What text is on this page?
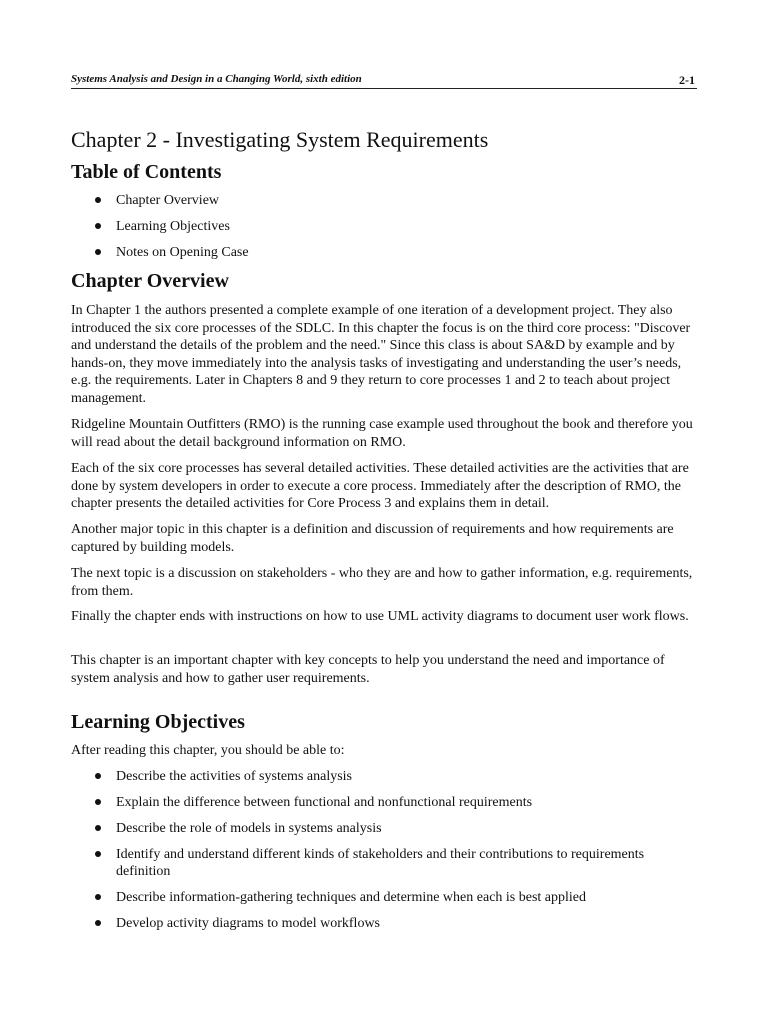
Systems Analysis and Design in a Changing World, sixth edition	2-1
Chapter 2 - Investigating System Requirements
Table of Contents
Chapter Overview
Learning Objectives
Notes on Opening Case
Chapter Overview

In Chapter 1 the authors presented a complete example of one iteration of a development project. They also introduced the six core processes of the SDLC. In this chapter the focus is on the third core process: "Discover and understand the details of the problem and the need." Since this class is about SA&D by example and by hands-on, they move immediately into the analysis tasks of investigating and understanding the user’s needs, e.g. the requirements. Later in Chapters 8 and 9 they return to core processes 1 and 2 to teach about project management.

Ridgeline Mountain Outfitters (RMO) is the running case example used throughout the book and therefore you will read about the detail background information on RMO.

Each of the six core processes has several detailed activities. These detailed activities are the activities that are done by system developers in order to execute a core process. Immediately after the description of RMO, the chapter presents the detailed activities for Core Process 3 and explains them in detail.

Another major topic in this chapter is a definition and discussion of requirements and how requirements are captured by building models.

The next topic is a discussion on stakeholders - who they are and how to gather information, e.g. requirements, from them.

Finally the chapter ends with instructions on how to use UML activity diagrams to document user work flows.

This chapter is an important chapter with key concepts to help you understand the need and importance of system analysis and how to gather user requirements.

Learning Objectives

After reading this chapter, you should be able to:

Describe the activities of systems analysis
Explain the difference between functional and nonfunctional requirements
Describe the role of models in systems analysis
Identify and understand different kinds of stakeholders and their contributions to requirements definition
Describe information-gathering techniques and determine when each is best applied
Develop activity diagrams to model workflows
